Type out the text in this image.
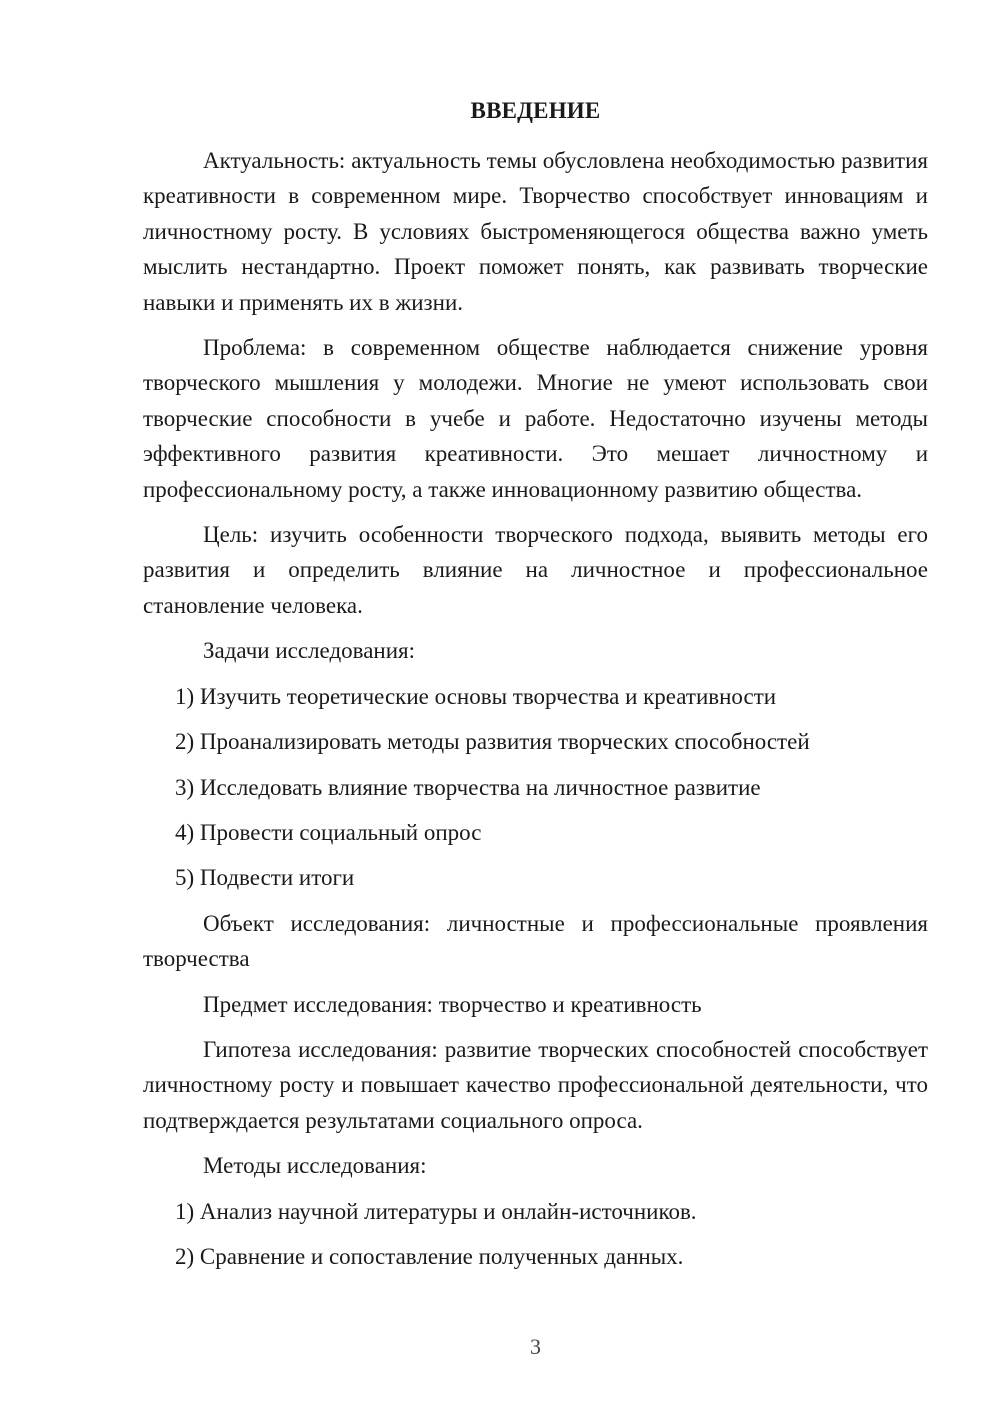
ВВЕДЕНИЕ

Актуальность: актуальность темы обусловлена необходимостью развития креативности в современном мире. Творчество способствует инновациям и личностному росту. В условиях быстроменяющегося общества важно уметь мыслить нестандартно. Проект поможет понять, как развивать творческие навыки и применять их в жизни.

Проблема: в современном обществе наблюдается снижение уровня творческого мышления у молодежи. Многие не умеют использовать свои творческие способности в учебе и работе. Недостаточно изучены методы эффективного развития креативности. Это мешает личностному и профессиональному росту, а также инновационному развитию общества.

Цель: изучить особенности творческого подхода, выявить методы его развития и определить влияние на личностное и профессиональное становление человека.

Задачи исследования:

1) Изучить теоретические основы творчества и креативности

2) Проанализировать методы развития творческих способностей

3) Исследовать влияние творчества на личностное развитие

4) Провести социальный опрос

5) Подвести итоги

Объект исследования: личностные и профессиональные проявления творчества

Предмет исследования: творчество и креативность

Гипотеза исследования: развитие творческих способностей способствует личностному росту и повышает качество профессиональной деятельности, что подтверждается результатами социального опроса.

Методы исследования:

1) Анализ научной литературы и онлайн-источников.

2) Сравнение и сопоставление полученных данных.

3
